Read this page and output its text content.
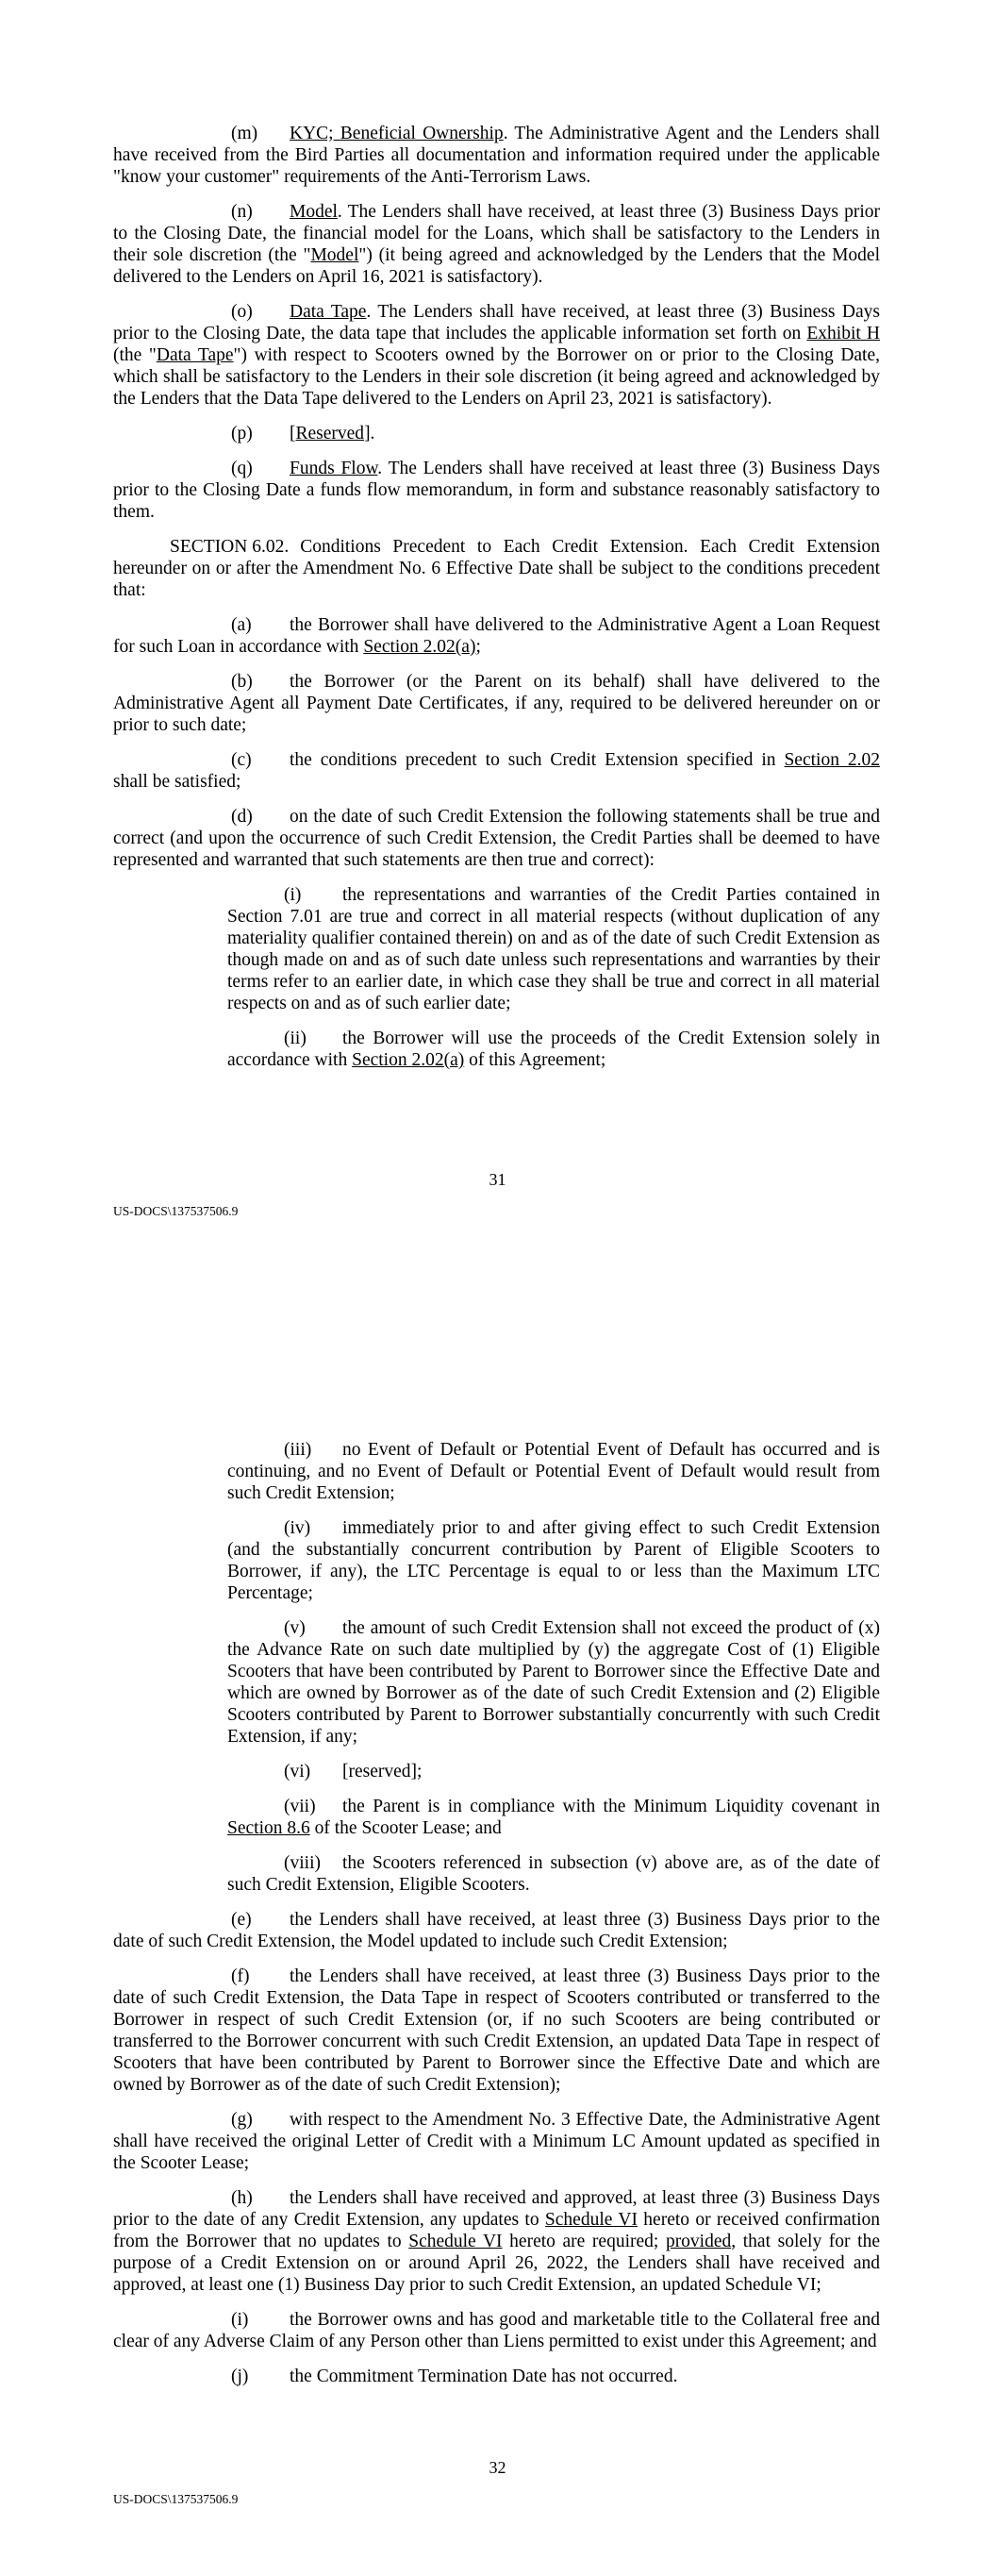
(m) KYC; Beneficial Ownership. The Administrative Agent and the Lenders shall have received from the Bird Parties all documentation and information required under the applicable "know your customer" requirements of the Anti-Terrorism Laws.
(n) Model. The Lenders shall have received, at least three (3) Business Days prior to the Closing Date, the financial model for the Loans, which shall be satisfactory to the Lenders in their sole discretion (the "Model") (it being agreed and acknowledged by the Lenders that the Model delivered to the Lenders on April 16, 2021 is satisfactory).
(o) Data Tape. The Lenders shall have received, at least three (3) Business Days prior to the Closing Date, the data tape that includes the applicable information set forth on Exhibit H (the "Data Tape") with respect to Scooters owned by the Borrower on or prior to the Closing Date, which shall be satisfactory to the Lenders in their sole discretion (it being agreed and acknowledged by the Lenders that the Data Tape delivered to the Lenders on April 23, 2021 is satisfactory).
(p) [Reserved].
(q) Funds Flow. The Lenders shall have received at least three (3) Business Days prior to the Closing Date a funds flow memorandum, in form and substance reasonably satisfactory to them.
SECTION 6.02. Conditions Precedent to Each Credit Extension. Each Credit Extension hereunder on or after the Amendment No. 6 Effective Date shall be subject to the conditions precedent that:
(a) the Borrower shall have delivered to the Administrative Agent a Loan Request for such Loan in accordance with Section 2.02(a);
(b) the Borrower (or the Parent on its behalf) shall have delivered to the Administrative Agent all Payment Date Certificates, if any, required to be delivered hereunder on or prior to such date;
(c) the conditions precedent to such Credit Extension specified in Section 2.02 shall be satisfied;
(d) on the date of such Credit Extension the following statements shall be true and correct (and upon the occurrence of such Credit Extension, the Credit Parties shall be deemed to have represented and warranted that such statements are then true and correct):
(i) the representations and warranties of the Credit Parties contained in Section 7.01 are true and correct in all material respects (without duplication of any materiality qualifier contained therein) on and as of the date of such Credit Extension as though made on and as of such date unless such representations and warranties by their terms refer to an earlier date, in which case they shall be true and correct in all material respects on and as of such earlier date;
(ii) the Borrower will use the proceeds of the Credit Extension solely in accordance with Section 2.02(a) of this Agreement;
31
US-DOCS\137537506.9
(iii) no Event of Default or Potential Event of Default has occurred and is continuing, and no Event of Default or Potential Event of Default would result from such Credit Extension;
(iv) immediately prior to and after giving effect to such Credit Extension (and the substantially concurrent contribution by Parent of Eligible Scooters to Borrower, if any), the LTC Percentage is equal to or less than the Maximum LTC Percentage;
(v) the amount of such Credit Extension shall not exceed the product of (x) the Advance Rate on such date multiplied by (y) the aggregate Cost of (1) Eligible Scooters that have been contributed by Parent to Borrower since the Effective Date and which are owned by Borrower as of the date of such Credit Extension and (2) Eligible Scooters contributed by Parent to Borrower substantially concurrently with such Credit Extension, if any;
(vi) [reserved];
(vii) the Parent is in compliance with the Minimum Liquidity covenant in Section 8.6 of the Scooter Lease; and
(viii) the Scooters referenced in subsection (v) above are, as of the date of such Credit Extension, Eligible Scooters.
(e) the Lenders shall have received, at least three (3) Business Days prior to the date of such Credit Extension, the Model updated to include such Credit Extension;
(f) the Lenders shall have received, at least three (3) Business Days prior to the date of such Credit Extension, the Data Tape in respect of Scooters contributed or transferred to the Borrower in respect of such Credit Extension (or, if no such Scooters are being contributed or transferred to the Borrower concurrent with such Credit Extension, an updated Data Tape in respect of Scooters that have been contributed by Parent to Borrower since the Effective Date and which are owned by Borrower as of the date of such Credit Extension);
(g) with respect to the Amendment No. 3 Effective Date, the Administrative Agent shall have received the original Letter of Credit with a Minimum LC Amount updated as specified in the Scooter Lease;
(h) the Lenders shall have received and approved, at least three (3) Business Days prior to the date of any Credit Extension, any updates to Schedule VI hereto or received confirmation from the Borrower that no updates to Schedule VI hereto are required; provided, that solely for the purpose of a Credit Extension on or around April 26, 2022, the Lenders shall have received and approved, at least one (1) Business Day prior to such Credit Extension, an updated Schedule VI;
(i) the Borrower owns and has good and marketable title to the Collateral free and clear of any Adverse Claim of any Person other than Liens permitted to exist under this Agreement; and
(j) the Commitment Termination Date has not occurred.
32
US-DOCS\137537506.9
